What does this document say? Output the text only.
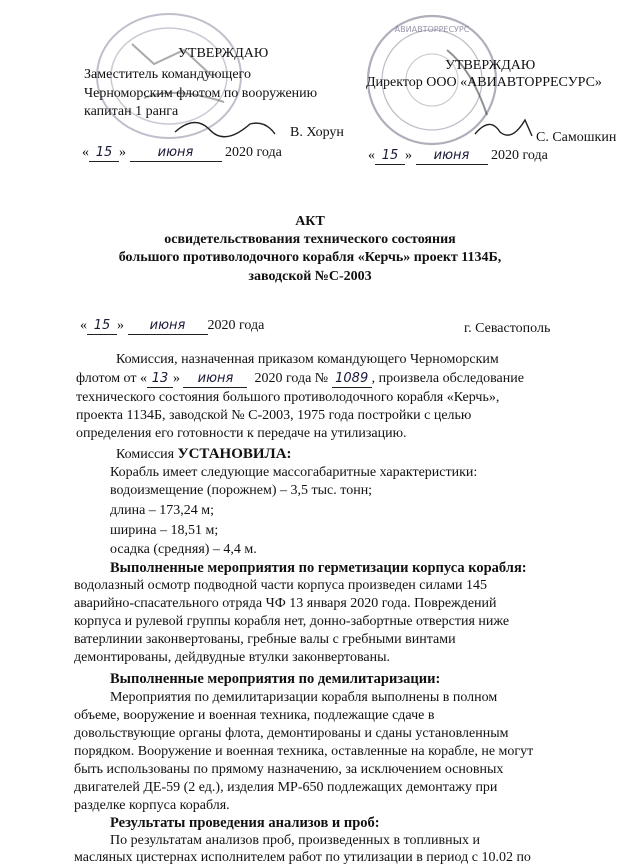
АВИАВТОРРЕСУРС
УТВЕРЖДАЮ
Заместитель командующего
Черноморским флотом по вооружению
капитан 1 ранга
В. Хорун
« 15 » июня 2020 года
УТВЕРЖДАЮ
Директор ООО «АВИАВТОРРЕСУРС»
С. Самошкин
« 15 » июня 2020 года
АКТ
освидетельствования технического состояния
большого противолодочного корабля «Керчь» проект 1134Б,
заводской №С-2003
« 15 » июня 2020 года	г. Севастополь
Комиссия, назначенная приказом командующего Черноморским
флотом от « 13 » июня 2020 года № 1089 , произвела обследование
технического состояния большого противолодочного корабля «Керчь»,
проекта 1134Б, заводской № С-2003, 1975 года постройки с целью
определения его готовности к передаче на утилизацию.
Комиссия УСТАНОВИЛА:
Корабль имеет следующие массогабаритные характеристики:
водоизмещение (порожнем) – 3,5 тыс. тонн;
длина – 173,24 м;
ширина – 18,51 м;
осадка (средняя) – 4,4 м.
Выполненные мероприятия по герметизации корпуса корабля:
водолазный осмотр подводной части корпуса произведен силами 145
аварийно-спасательного отряда ЧФ 13 января 2020 года. Повреждений
корпуса и рулевой группы корабля нет, донно-забортные отверстия ниже
ватерлинии законвертованы, гребные валы с гребными винтами
демонтированы, дейдвудные втулки законвертованы.
Выполненные мероприятия по демилитаризации:
Мероприятия по демилитаризации корабля выполнены в полном
объеме, вооружение и военная техника, подлежащие сдаче в
довольствующие органы флота, демонтированы и сданы установленным
порядком. Вооружение и военная техника, оставленные на корабле, не могут
быть использованы по прямому назначению, за исключением основных
двигателей ДЕ-59 (2 ед.), изделия МР-650 подлежащих демонтажу при
разделке корпуса корабля.
Результаты проведения анализов и проб:
По результатам анализов проб, произведенных в топливных и
масляных цистернах исполнителем работ по утилизации в период с 10.02 по
